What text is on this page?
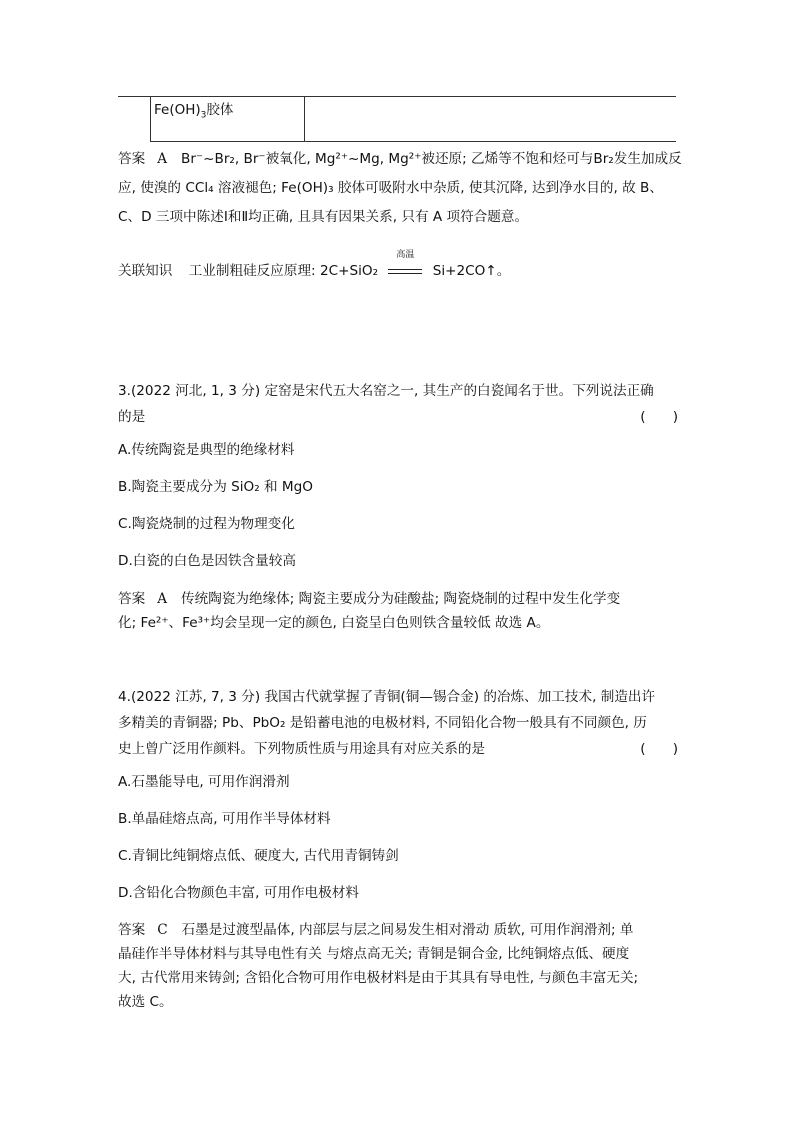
$Fe(OH)_3$胶体
答案 A Br⁻~Br₂, Br⁻被氧化, Mg²⁺~Mg, Mg²⁺被还原; 乙烯等不饱和烃可与Br₂发生加成反
应, 使溴的 CCl₄ 溶液褪色; Fe(OH)₃ 胶体可吸附水中杂质, 使其沉降, 达到净水目的, 故 B、
C、D 三项中陈述Ⅰ和Ⅱ均正确, 且具有因果关系, 只有 A 项符合题意。
关联知识 工业制粗硅反应原理: 2C+SiO₂
高温
Si+2CO↑。
3.(2022 河北, 1, 3 分) 定窑是宋代五大名窑之一, 其生产的白瓷闻名于世。下列说法正确
的是	(　　)
A.传统陶瓷是典型的绝缘材料
B.陶瓷主要成分为 SiO₂ 和 MgO
C.陶瓷烧制的过程为物理变化
D.白瓷的白色是因铁含量较高
答案 A 传统陶瓷为绝缘体; 陶瓷主要成分为硅酸盐; 陶瓷烧制的过程中发生化学变
化; Fe²⁺、Fe³⁺均会呈现一定的颜色, 白瓷呈白色则铁含量较低 故选 A。
4.(2022 江苏, 7, 3 分) 我国古代就掌握了青铜(铜—锡合金) 的冶炼、加工技术, 制造出许
多精美的青铜器; Pb、PbO₂ 是铅蓄电池的电极材料, 不同铅化合物一般具有不同颜色, 历
史上曾广泛用作颜料。下列物质性质与用途具有对应关系的是	(　　)
A.石墨能导电, 可用作润滑剂
B.单晶硅熔点高, 可用作半导体材料
C.青铜比纯铜熔点低、硬度大, 古代用青铜铸剑
D.含铅化合物颜色丰富, 可用作电极材料
答案 C 石墨是过渡型晶体, 内部层与层之间易发生相对滑动 质软, 可用作润滑剂; 单
晶硅作半导体材料与其导电性有关 与熔点高无关; 青铜是铜合金, 比纯铜熔点低、硬度
大, 古代常用来铸剑; 含铅化合物可用作电极材料是由于其具有导电性, 与颜色丰富无关;
故选 C。
